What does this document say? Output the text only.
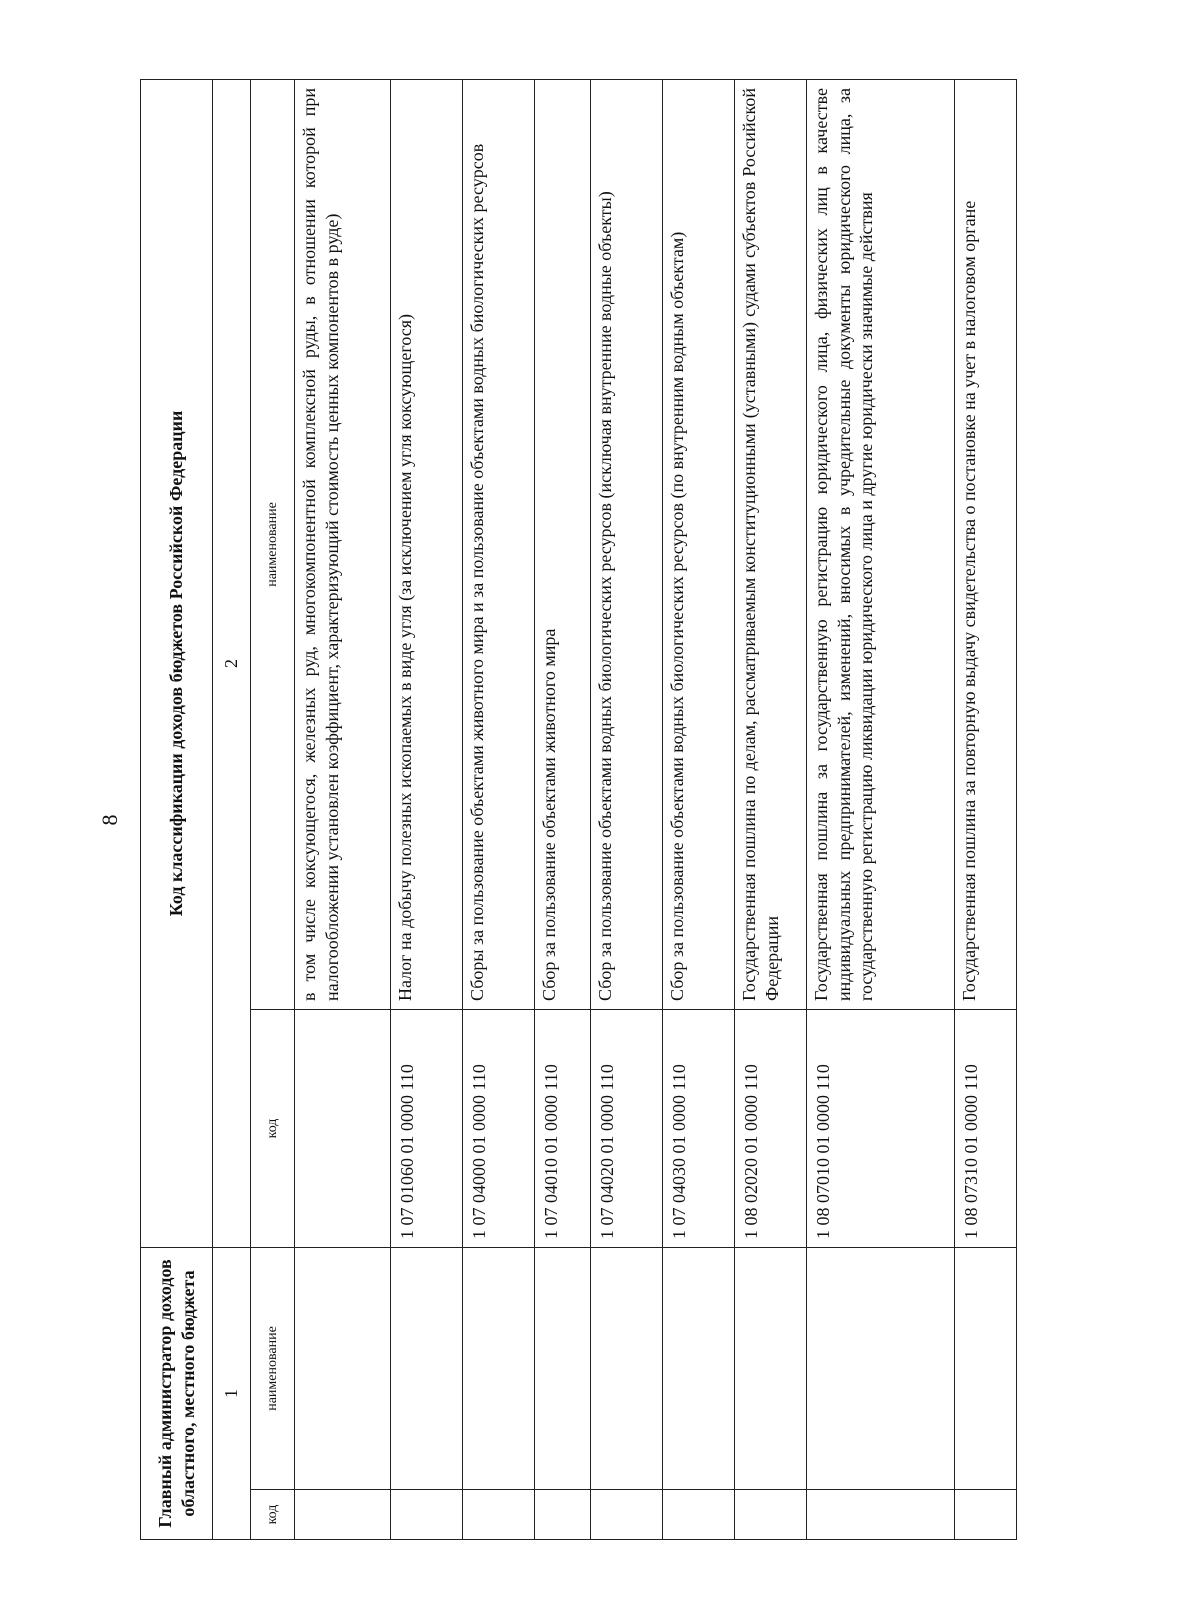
8
Главный администратор доходов областного, местного бюджета		Код классификации доходов бюджетов Российской Федерации	
1		2	
код	наименование	код	наименование
			в том числе коксующегося, железных руд, многокомпонентной комплексной руды, в отношении которой при налогообложении установлен коэффициент, характеризующий стоимость ценных компонентов в руде)
		1 07 01060 01 0000 110	Налог на добычу полезных ископаемых в виде угля (за исключением угля коксующегося)
		1 07 04000 01 0000 110	Сборы за пользование объектами животного мира и за пользование объектами водных биологических ресурсов
		1 07 04010 01 0000 110	Сбор за пользование объектами животного мира
		1 07 04020 01 0000 110	Сбор за пользование объектами водных биологических ресурсов (исключая внутренние водные объекты)
		1 07 04030 01 0000 110	Сбор за пользование объектами водных биологических ресурсов (по внутренним водным объектам)
		1 08 02020 01 0000 110	Государственная пошлина по делам, рассматриваемым конституционными (уставными) судами субъектов Российской Федерации
		1 08 07010 01 0000 110	Государственная пошлина за государственную регистрацию юридического лица, физических лиц в качестве индивидуальных предпринимателей, изменений, вносимых в учредительные документы юридического лица, за государственную регистрацию ликвидации юридического лица и другие юридически значимые действия
		1 08 07310 01 0000 110	Государственная пошлина за повторную выдачу свидетельства о постановке на учет в налоговом органе
